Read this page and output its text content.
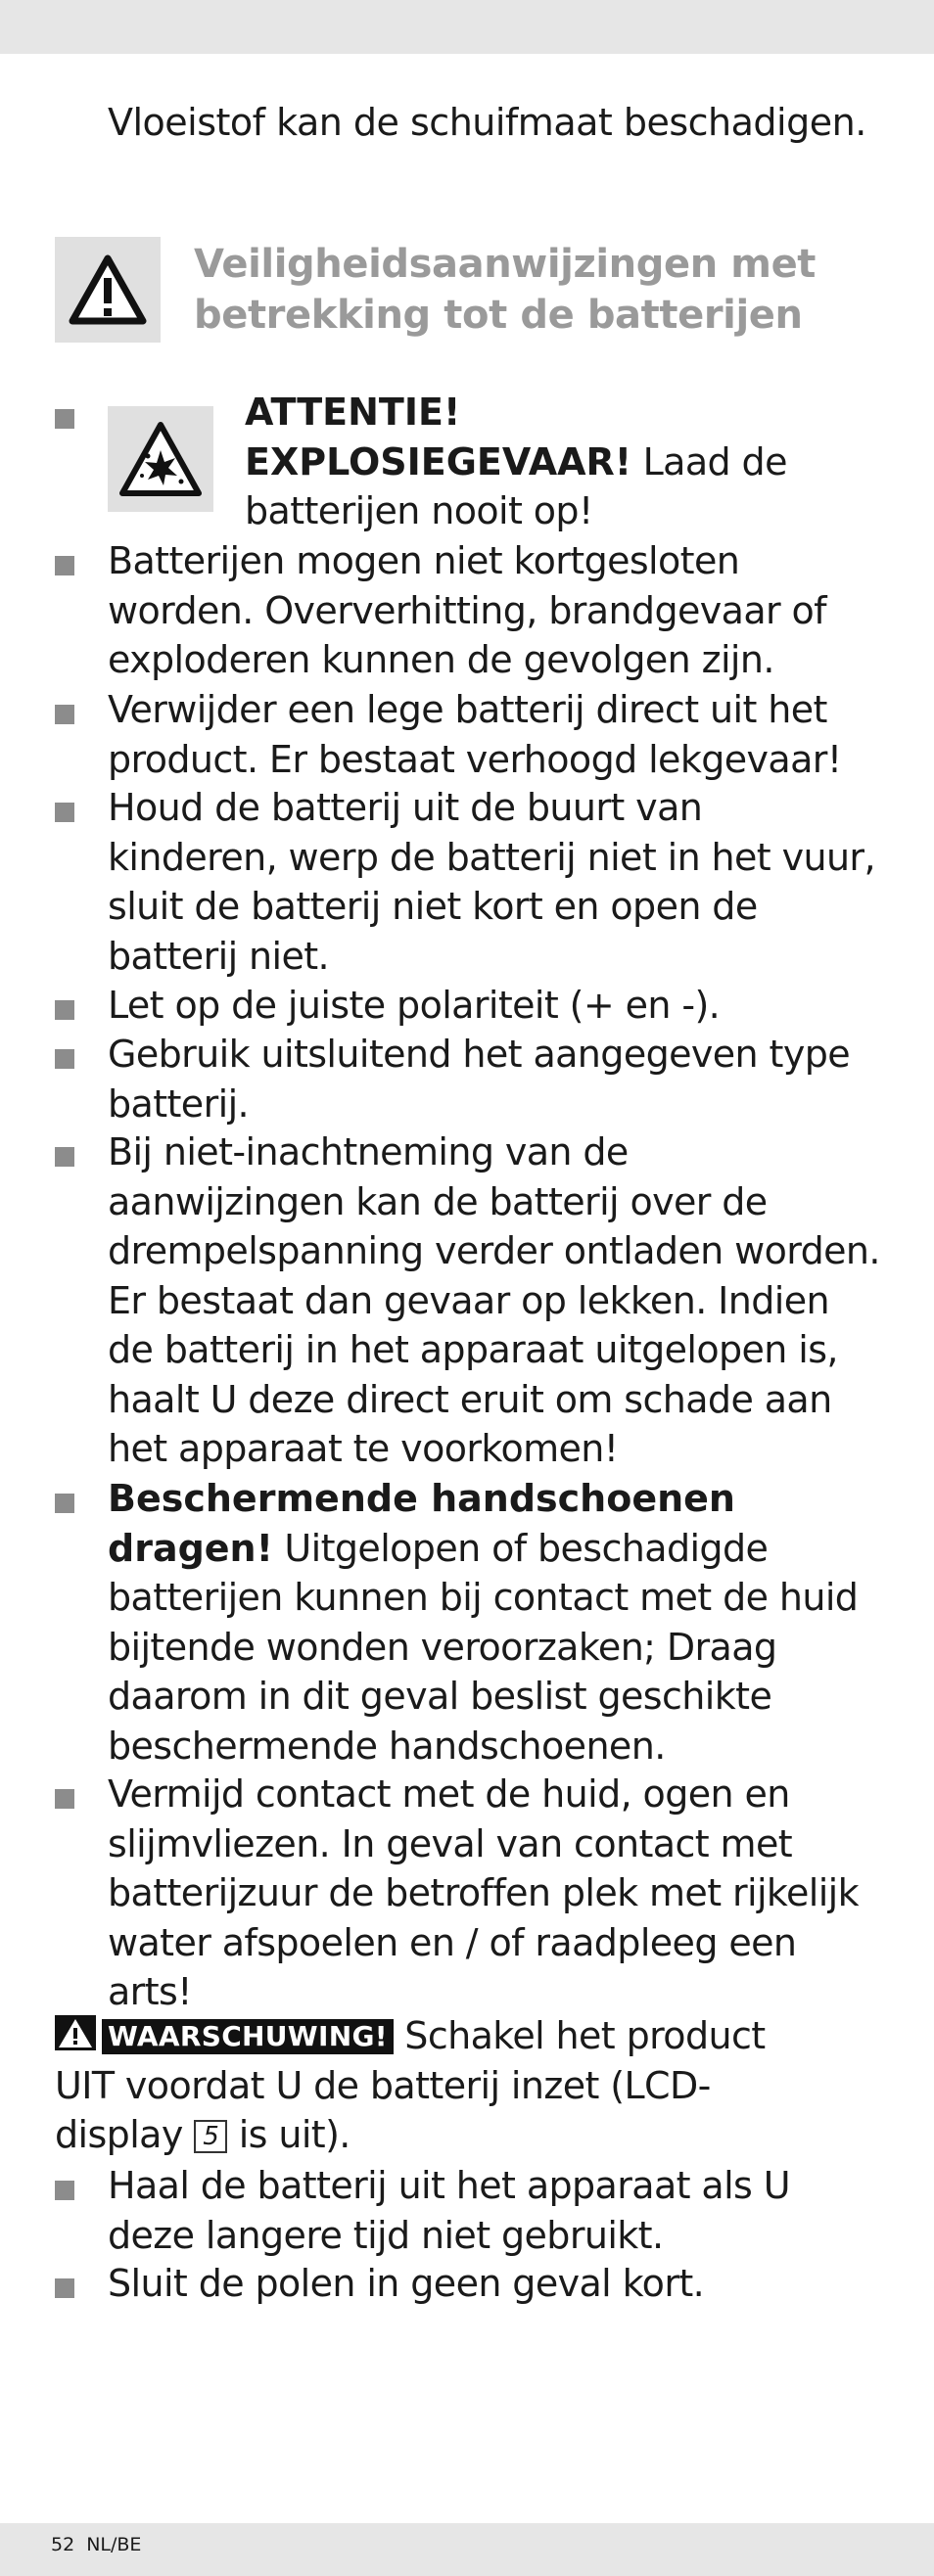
Vloeistof kan de schuifmaat beschadigen.

Veiligheidsaanwijzingen met
betrekking tot de batterijen
ATTENTIE!
EXPLOSIEGEVAAR! Laad de
batterijen nooit op!
Batterijen mogen niet kortgesloten
worden. Oververhitting, brandgevaar of
exploderen kunnen de gevolgen zijn.
Verwijder een lege batterij direct uit het
product. Er bestaat verhoogd lekgevaar!
Houd de batterij uit de buurt van
kinderen, werp de batterij niet in het vuur,
sluit de batterij niet kort en open de
batterij niet.
Let op de juiste polariteit (+ en -).
Gebruik uitsluitend het aangegeven type
batterij.
Bij niet-inachtneming van de
aanwijzingen kan de batterij over de
drempelspanning verder ontladen worden.
Er bestaat dan gevaar op lekken. Indien
de batterij in het apparaat uitgelopen is,
haalt U deze direct eruit om schade aan
het apparaat te voorkomen!
Beschermende handschoenen
dragen! Uitgelopen of beschadigde
batterijen kunnen bij contact met de huid
bijtende wonden veroorzaken; Draag
daarom in dit geval beslist geschikte
beschermende handschoenen.
Vermijd contact met de huid, ogen en
slijmvliezen. In geval van contact met
batterijzuur de betroffen plek met rijkelijk
water afspoelen en / of raadpleeg een
arts!
WAARSCHUWING! Schakel het product
UIT voordat U de batterij inzet (LCD-
display 5 is uit).
Haal de batterij uit het apparaat als U
deze langere tijd niet gebruikt.
Sluit de polen in geen geval kort.
52 NL/BE
